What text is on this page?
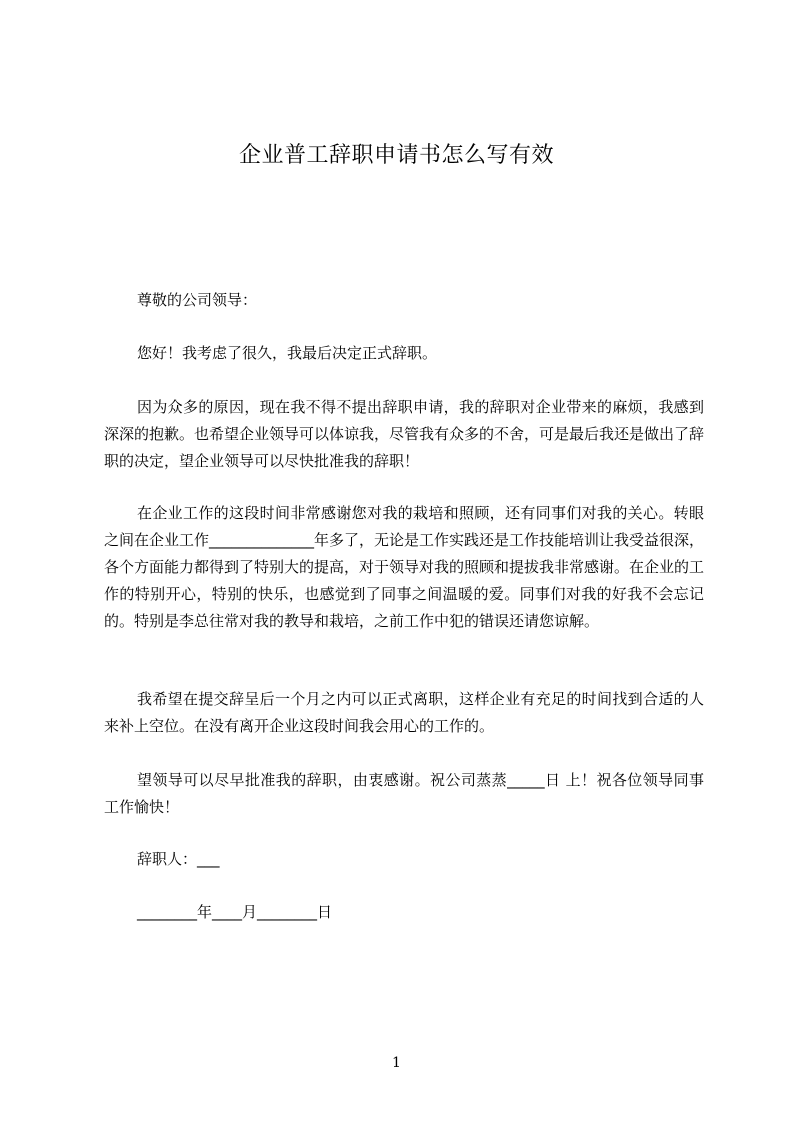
企业普工辞职申请书怎么写有效

尊敬的公司领导：

您好！我考虑了很久，我最后决定正式辞职。

因为众多的原因，现在我不得不提出辞职申请，我的辞职对企业带来的麻烦，我感到深深的抱歉。也希望企业领导可以体谅我，尽管我有众多的不舍，可是最后我还是做出了辞职的决定，望企业领导可以尽快批准我的辞职！

在企业工作的这段时间非常感谢您对我的栽培和照顾，还有同事们对我的关心。转眼之间在企业工作______________年多了，无论是工作实践还是工作技能培训让我受益很深，各个方面能力都得到了特别大的提高，对于领导对我的照顾和提拔我非常感谢。在企业的工作的特别开心，特别的快乐，也感觉到了同事之间温暖的爱。同事们对我的好我不会忘记的。特别是李总往常对我的教导和栽培，之前工作中犯的错误还请您谅解。

我希望在提交辞呈后一个月之内可以正式离职，这样企业有充足的时间找到合适的人来补上空位。在没有离开企业这段时间我会用心的工作的。

望领导可以尽早批准我的辞职，由衷感谢。祝公司蒸蒸_____日 上！祝各位领导同事工作愉快！

辞职人：___

________年____月________日

1
